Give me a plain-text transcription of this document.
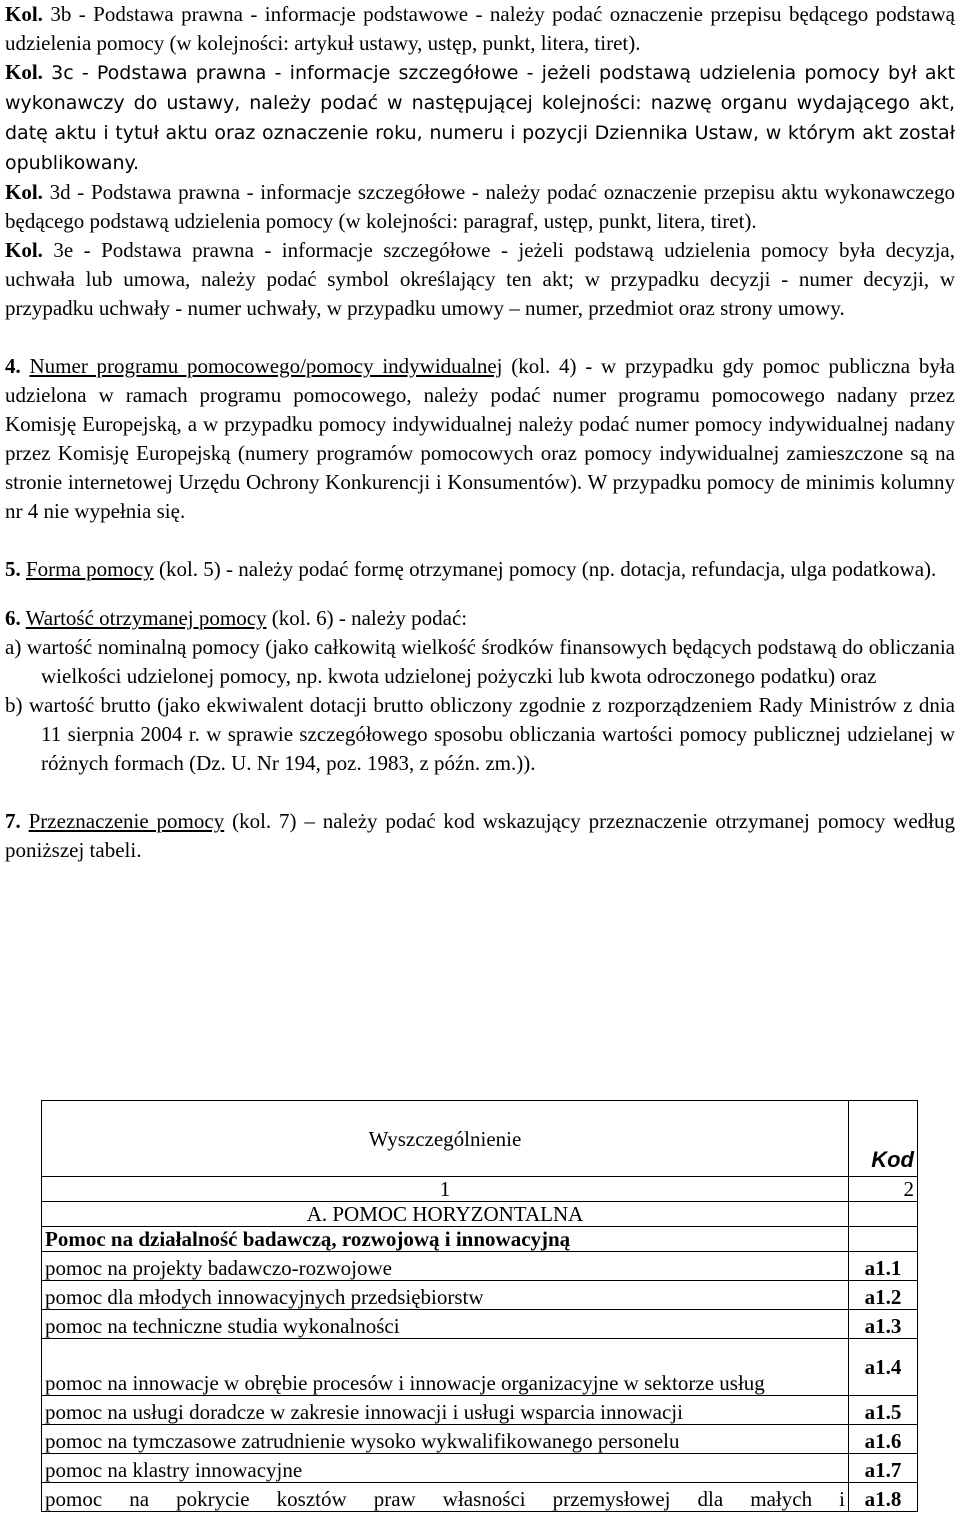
Kol. 3b - Podstawa prawna - informacje podstawowe - należy podać oznaczenie przepisu będącego podstawą udzielenia pomocy (w kolejności: artykuł ustawy, ustęp, punkt, litera, tiret).

Kol. 3c - Podstawa prawna - informacje szczegółowe - jeżeli podstawą udzielenia pomocy był akt wykonawczy do ustawy, należy podać w następującej kolejności: nazwę organu wydającego akt, datę aktu i tytuł aktu oraz oznaczenie roku, numeru i pozycji Dziennika Ustaw, w którym akt został opublikowany.

Kol. 3d - Podstawa prawna - informacje szczegółowe - należy podać oznaczenie przepisu aktu wykonawczego będącego podstawą udzielenia pomocy (w kolejności: paragraf, ustęp, punkt, litera, tiret).

Kol. 3e - Podstawa prawna - informacje szczegółowe - jeżeli podstawą udzielenia pomocy była decyzja, uchwała lub umowa, należy podać symbol określający ten akt; w przypadku decyzji - numer decyzji, w przypadku uchwały - numer uchwały, w przypadku umowy – numer, przedmiot oraz strony umowy.

4. Numer programu pomocowego/pomocy indywidualnej (kol. 4) - w przypadku gdy pomoc publiczna była udzielona w ramach programu pomocowego, należy podać numer programu pomocowego nadany przez Komisję Europejską, a w przypadku pomocy indywidualnej należy podać numer pomocy indywidualnej nadany przez Komisję Europejską (numery programów pomocowych oraz pomocy indywidualnej zamieszczone są na stronie internetowej Urzędu Ochrony Konkurencji i Konsumentów). W przypadku pomocy de minimis kolumny nr 4 nie wypełnia się.

5. Forma pomocy (kol. 5) - należy podać formę otrzymanej pomocy (np. dotacja, refundacja, ulga podatkowa).

6. Wartość otrzymanej pomocy (kol. 6) - należy podać:

a) wartość nominalną pomocy (jako całkowitą wielkość środków finansowych będących podstawą do obliczania wielkości udzielonej pomocy, np. kwota udzielonej pożyczki lub kwota odroczonego podatku) oraz

b) wartość brutto (jako ekwiwalent dotacji brutto obliczony zgodnie z rozporządzeniem Rady Ministrów z dnia 11 sierpnia 2004 r. w sprawie szczegółowego sposobu obliczania wartości pomocy publicznej udzielanej w różnych formach (Dz. U. Nr 194, poz. 1983, z późn. zm.)).

7. Przeznaczenie pomocy (kol. 7) – należy podać kod wskazujący przeznaczenie otrzymanej pomocy według poniższej tabeli.

Wyszczególnienie	Kod
1	2
A. POMOC HORYZONTALNA	
Pomoc na działalność badawczą, rozwojową i innowacyjną	
pomoc na projekty badawczo-rozwojowe	a1.1
pomoc dla młodych innowacyjnych przedsiębiorstw	a1.2
pomoc na techniczne studia wykonalności	a1.3
pomoc na innowacje w obrębie procesów i innowacje organizacyjne w sektorze usług	a1.4
pomoc na usługi doradcze w zakresie innowacji i usługi wsparcia innowacji	a1.5
pomoc na tymczasowe zatrudnienie wysoko wykwalifikowanego personelu	a1.6
pomoc na klastry innowacyjne	a1.7
pomoc na pokrycie kosztów praw własności przemysłowej dla małych i	a1.8
